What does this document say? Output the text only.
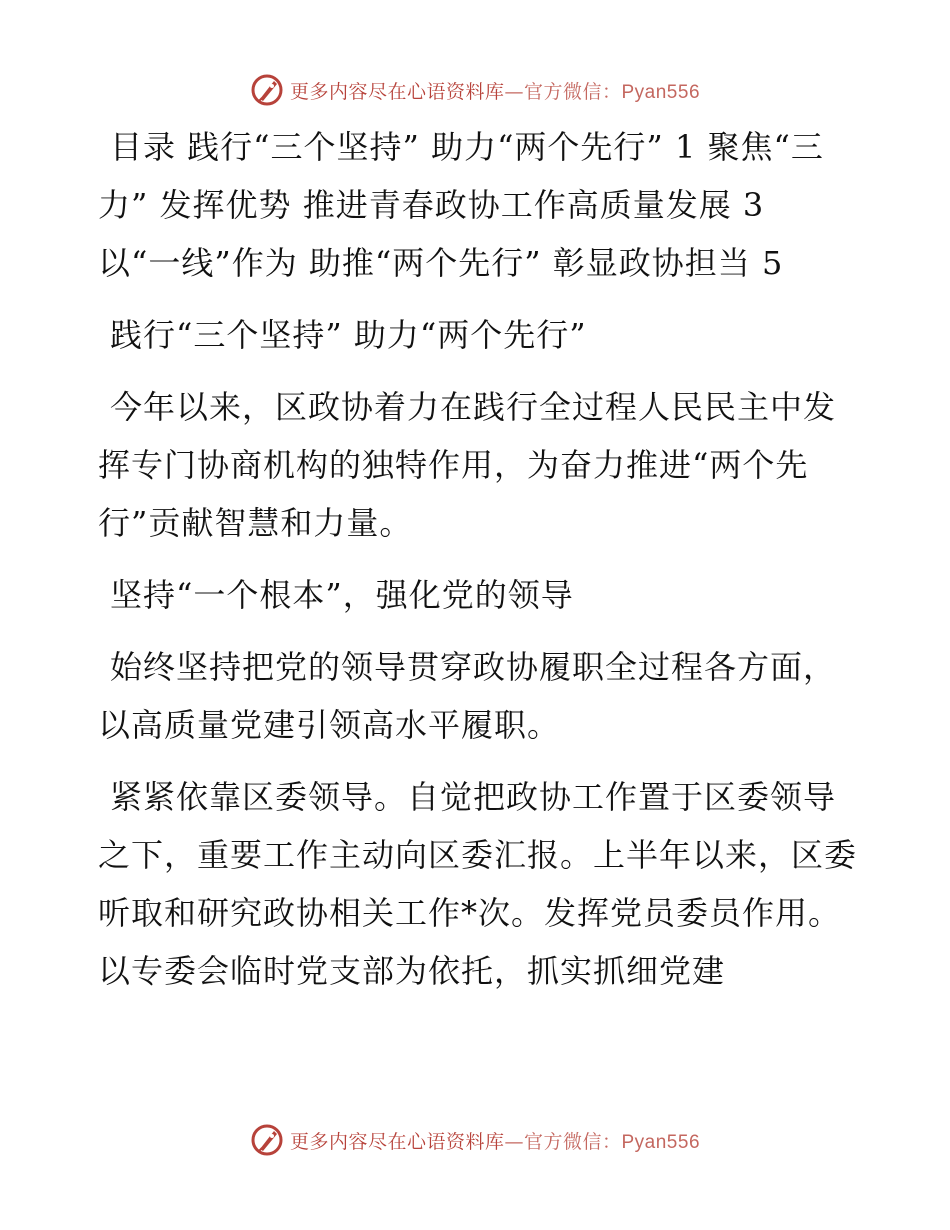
更多内容尽在心语资料库—官方微信：Pyan556

目录 践行“三个坚持” 助力“两个先行” 1 聚焦“三力” 发挥优势 推进青春政协工作高质量发展 3 以“一线”作为 助推“两个先行” 彰显政协担当 5

践行“三个坚持” 助力“两个先行”

今年以来，区政协着力在践行全过程人民民主中发挥专门协商机构的独特作用，为奋力推进“两个先行”贡献智慧和力量。

坚持“一个根本”，强化党的领导

始终坚持把党的领导贯穿政协履职全过程各方面，以高质量党建引领高水平履职。

紧紧依靠区委领导。自觉把政协工作置于区委领导之下，重要工作主动向区委汇报。上半年以来，区委听取和研究政协相关工作*次。发挥党员委员作用。以专委会临时党支部为依托，抓实抓细党建

更多内容尽在心语资料库—官方微信：Pyan556
